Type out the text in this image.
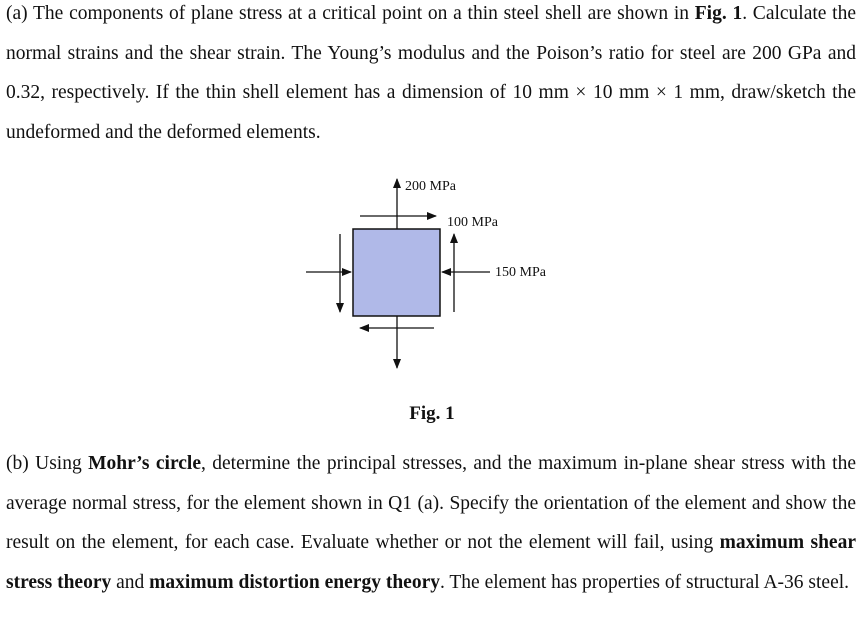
(a) The components of plane stress at a critical point on a thin steel shell are shown in Fig. 1. Calculate the normal strains and the shear strain. The Young’s modulus and the Poison’s ratio for steel are 200 GPa and 0.32, respectively. If the thin shell element has a dimension of 10 mm × 10 mm × 1 mm, draw/sketch the undeformed and the deformed elements.

200 MPa
100 MPa
150 MPa
Fig. 1

(b) Using Mohr’s circle, determine the principal stresses, and the maximum in-plane shear stress with the average normal stress, for the element shown in Q1 (a). Specify the orientation of the element and show the result on the element, for each case. Evaluate whether or not the element will fail, using maximum shear stress theory and maximum distortion energy theory. The element has properties of structural A-36 steel.
